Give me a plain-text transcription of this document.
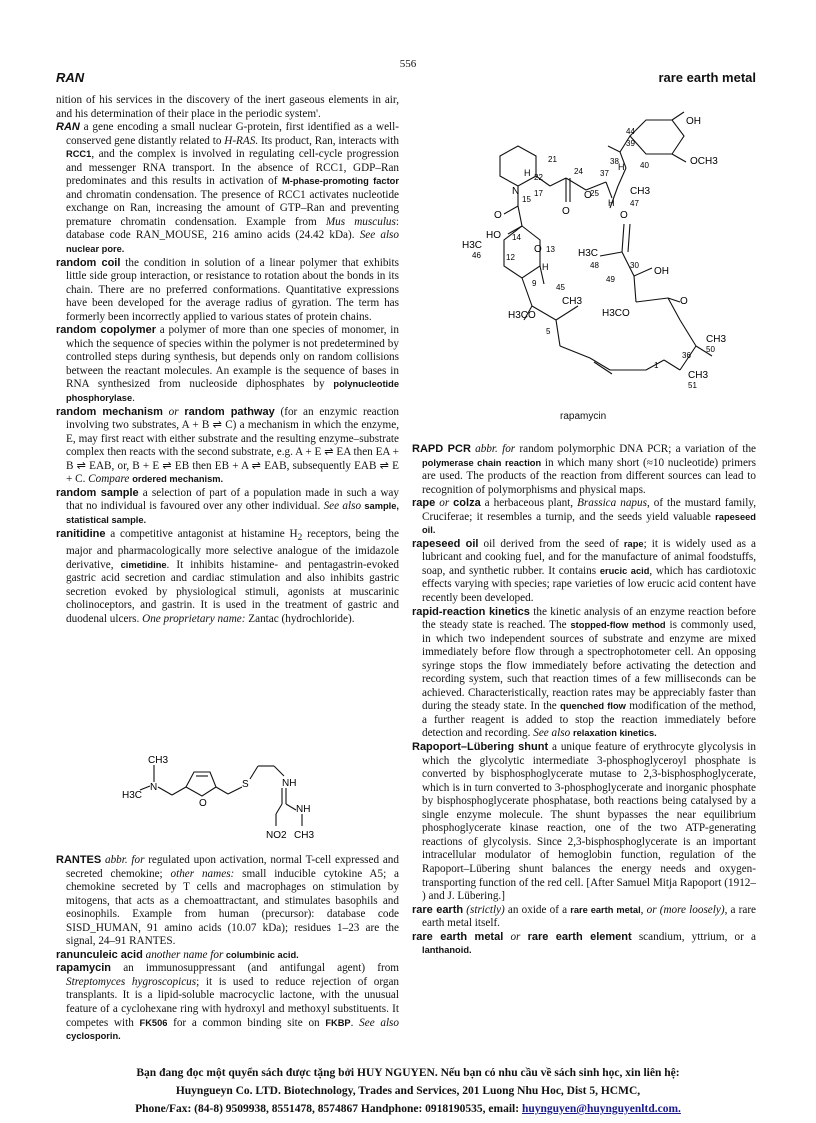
556
RAN	rare earth metal

nition of his services in the discovery of the inert gaseous elements in air, and his determination of their place in the periodic system'.

RAN a gene encoding a small nuclear G-protein, first identified as a well-conserved gene distantly related to H-RAS. Its product, Ran, interacts with RCC1, and the complex is involved in regulating cell-cycle progression and messenger RNA transport. In the absence of RCC1, GDP–Ran predominates and this results in activation of M-phase-promoting factor and chromatin condensation. The presence of RCC1 activates nucleotide exchange on Ran, increasing the amount of GTP–Ran and preventing premature chromatin condensation. Example from Mus musculus: database code RAN_MOUSE, 216 amino acids (24.42 kDa). See also nuclear pore.

random coil the condition in solution of a linear polymer that exhibits little side group interaction, or resistance to rotation about the bonds in its chain. There are no preferred conformations. Quantitative expressions have been developed for the average radius of gyration. The term has formerly been incorrectly applied to various states of protein chains.

random copolymer a polymer of more than one species of monomer, in which the sequence of species within the polymer is not predetermined by controlled steps during synthesis, but depends only on random collisions between the reactant molecules. An example is the sequence of bases in RNA synthesized from nucleoside diphosphates by polynucleotide phosphorylase.

random mechanism or random pathway (for an enzymic reaction involving two substrates, A + B ⇌ C) a mechanism in which the enzyme, E, may first react with either substrate and the resulting enzyme–substrate complex then reacts with the second substrate, e.g. A + E ⇌ EA then EA + B ⇌ EAB, or, B + E ⇌ EB then EB + A ⇌ EAB, subsequently EAB ⇌ E + C. Compare ordered mechanism.

random sample a selection of part of a population made in such a way that no individual is favoured over any other individual. See also sample, statistical sample.

ranitidine a competitive antagonist at histamine $H_2$ receptors, being the major and pharmacologically more selective analogue of the imidazole derivative, cimetidine. It inhibits histamine- and pentagastrin-evoked gastric acid secretion and cardiac stimulation and also inhibits gastric secretion evoked by physiological stimuli, agonists at muscarinic cholinoceptors, and gastrin. It is used in the treatment of gastric and duodenal ulcers. One proprietary name: Zantac (hydrochloride).

CH3
H3C
N
O
S	NH
NH
NO2 CH3

RANTES abbr. for regulated upon activation, normal T-cell expressed and secreted chemokine; other names: small inducible cytokine A5; a chemokine secreted by T cells and macrophages on stimulation by mitogens, that acts as a chemoattractant, and stimulates basophils and eosinophils. Example from human (precursor): database code SISD_HUMAN, 91 amino acids (10.07 kDa); residues 1–23 are the signal, 24–91 RANTES.

ranunculeic acid another name for columbinic acid.

rapamycin an immunosuppressant (and antifungal agent) from Streptomyces hygroscopicus; it is used to reduce rejection of organ transplants. It is a lipid-soluble macrocyclic lactone, with the unusual feature of a cyclohexane ring with hydroxyl and methoxyl substituents. It competes with FK506 for a common binding site on FKBP. See also cyclosporin.

OH
OCH3
44
39
38	40
H
21
24 37
H
N 17
22
O
25
H
CH3
47
O
15
O	O
HO 14
H3C
46	12
O 13
H
H3C
48	30
OH
45
CH3
49
9
H3CO	H3CO
O
5
CH3
50
36
1
CH3
51
rapamycin

RAPD PCR abbr. for random polymorphic DNA PCR; a variation of the polymerase chain reaction in which many short (≈10 nucleotide) primers are used. The products of the reaction from different sources can lead to recognition of polymorphisms and physical maps.

rape or colza a herbaceous plant, Brassica napus, of the mustard family, Cruciferae; it resembles a turnip, and the seeds yield valuable rapeseed oil.

rapeseed oil oil derived from the seed of rape; it is widely used as a lubricant and cooking fuel, and for the manufacture of animal foodstuffs, soap, and synthetic rubber. It contains erucic acid, which has cardiotoxic effects varying with species; rape varieties of low erucic acid content have recently been developed.

rapid-reaction kinetics the kinetic analysis of an enzyme reaction before the steady state is reached. The stopped-flow method is commonly used, in which two independent sources of substrate and enzyme are mixed immediately before flow through a spectrophotometer cell. An opposing syringe stops the flow immediately before activating the detection and recording system, such that reaction times of a few milliseconds can be achieved. Characteristically, reaction rates may be appreciably faster than during the steady state. In the quenched flow modification of the method, a further reagent is added to stop the reaction immediately before detection and recording. See also relaxation kinetics.

Rapoport–Lübering shunt a unique feature of erythrocyte glycolysis in which the glycolytic intermediate 3-phosphoglyceroyl phosphate is converted by bisphosphoglycerate mutase to 2,3-bisphosphoglycerate, which is in turn converted to 3-phosphoglycerate and inorganic phosphate by bisphosphoglycerate phosphatase, both reactions being catalysed by a single enzyme molecule. The shunt bypasses the near equilibrium phosphoglycerate kinase reaction, one of the two ATP-generating reactions of glycolysis. Since 2,3-bisphosphoglycerate is an important intracellular modulator of hemoglobin function, regulation of the Rapoport–Lübering shunt balances the energy needs and oxygen-transporting function of the red cell. [After Samuel Mitja Rapoport (1912– ) and J. Lübering.]

rare earth (strictly) an oxide of a rare earth metal, or (more loosely), a rare earth metal itself.

rare earth metal or rare earth element scandium, yttrium, or a lanthanoid.

Bạn đang đọc một quyển sách được tặng bởi HUY NGUYEN. Nếu bạn có nhu cầu về sách sinh học, xin liên hệ:
Huyngueyn Co. LTD. Biotechnology, Trades and Services, 201 Luong Nhu Hoc, Dist 5, HCMC,
Phone/Fax: (84-8) 9509938, 8551478, 8574867 Handphone: 0918190535, email: huynguyen@huynguyenltd.com.
